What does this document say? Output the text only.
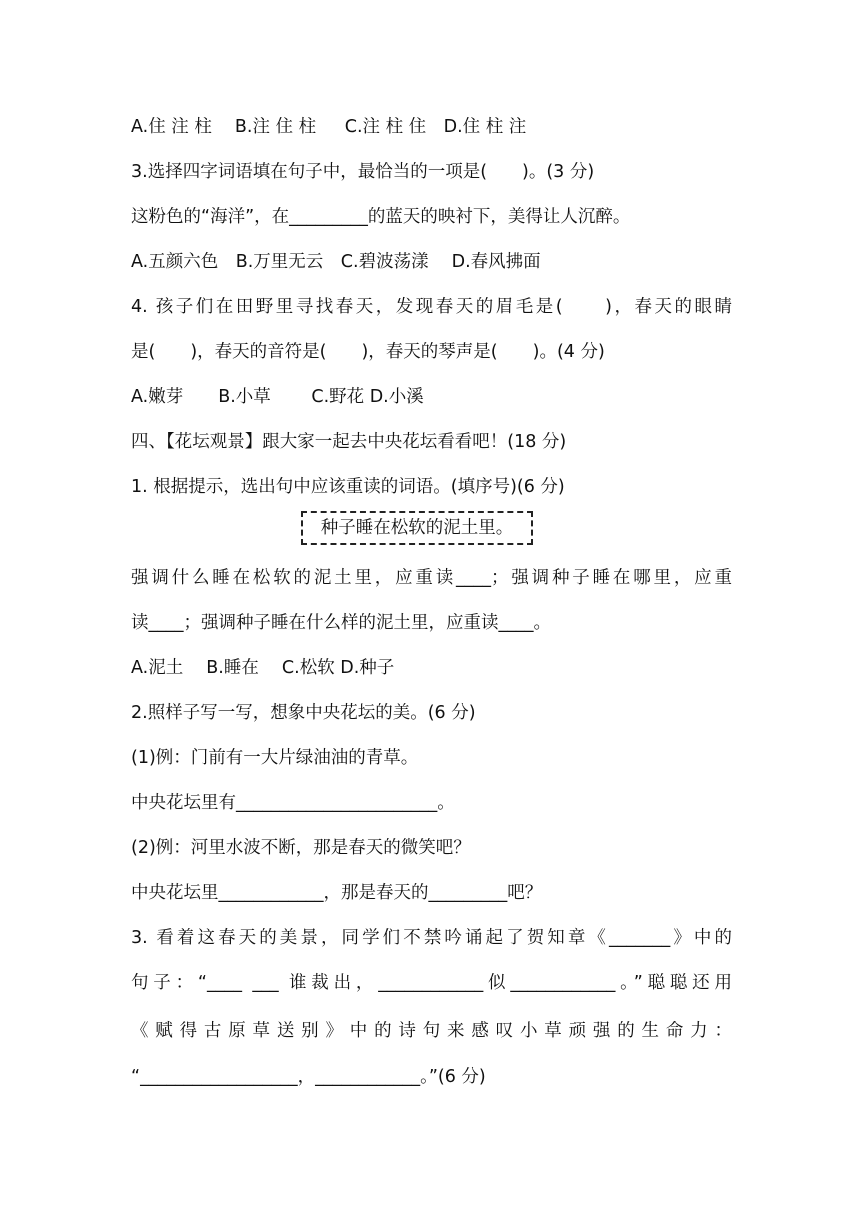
A.住 注 柱　 B.注 住 柱 　 C.注 柱 住　D.住 柱 注
3.选择四字词语填在句子中，最恰当的一项是(　　)。(3 分)
这粉色的“海洋”，在_________的蓝天的映衬下，美得让人沉醉。
A.五颜六色　B.万里无云　C.碧波荡漾　 D.春风拂面
4. 孩子们在田野里寻找春天，发现春天的眉毛是(　　)，春天的眼睛
是(　　)，春天的音符是(　　)，春天的琴声是(　　)。(4 分)
A.嫩芽　　B.小草　　 C.野花 D.小溪
四、【花坛观景】跟大家一起去中央花坛看看吧！(18 分)
1. 根据提示，选出句中应该重读的词语。(填序号)(6 分)
种子睡在松软的泥土里。
强调什么睡在松软的泥土里，应重读____；强调种子睡在哪里，应重
读____；强调种子睡在什么样的泥土里，应重读____。
A.泥土　 B.睡在　 C.松软 D.种子
2.照样子写一写，想象中央花坛的美。(6 分)
(1)例：门前有一大片绿油油的青草。
中央花坛里有_______________________。
(2)例：河里水波不断，那是春天的微笑吧？
中央花坛里____________，那是春天的_________吧？
3. 看着这春天的美景，同学们不禁吟诵起了贺知章《_______》中的
句子：“____ ___ 谁裁出，____________似____________。”聪聪还用
《赋得古原草送别》中的诗句来感叹小草顽强的生命力：
“__________________，____________。”(6 分)
